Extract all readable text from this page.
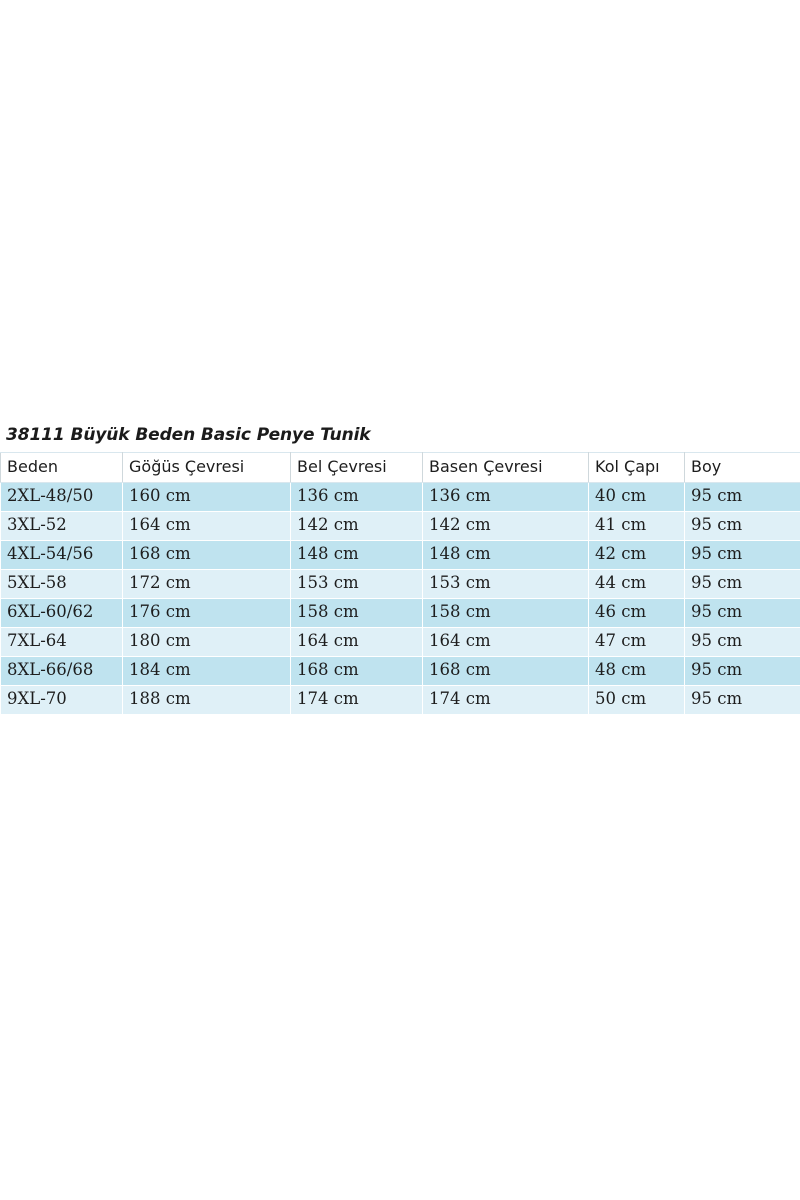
38111 Büyük Beden Basic Penye Tunik
Beden	Göğüs Çevresi	Bel Çevresi	Basen Çevresi	Kol Çapı	Boy
2XL-48/50	160 cm	136 cm	136 cm	40 cm	95 cm
3XL-52	164 cm	142 cm	142 cm	41 cm	95 cm
4XL-54/56	168 cm	148 cm	148 cm	42 cm	95 cm
5XL-58	172 cm	153 cm	153 cm	44 cm	95 cm
6XL-60/62	176 cm	158 cm	158 cm	46 cm	95 cm
7XL-64	180 cm	164 cm	164 cm	47 cm	95 cm
8XL-66/68	184 cm	168 cm	168 cm	48 cm	95 cm
9XL-70	188 cm	174 cm	174 cm	50 cm	95 cm
